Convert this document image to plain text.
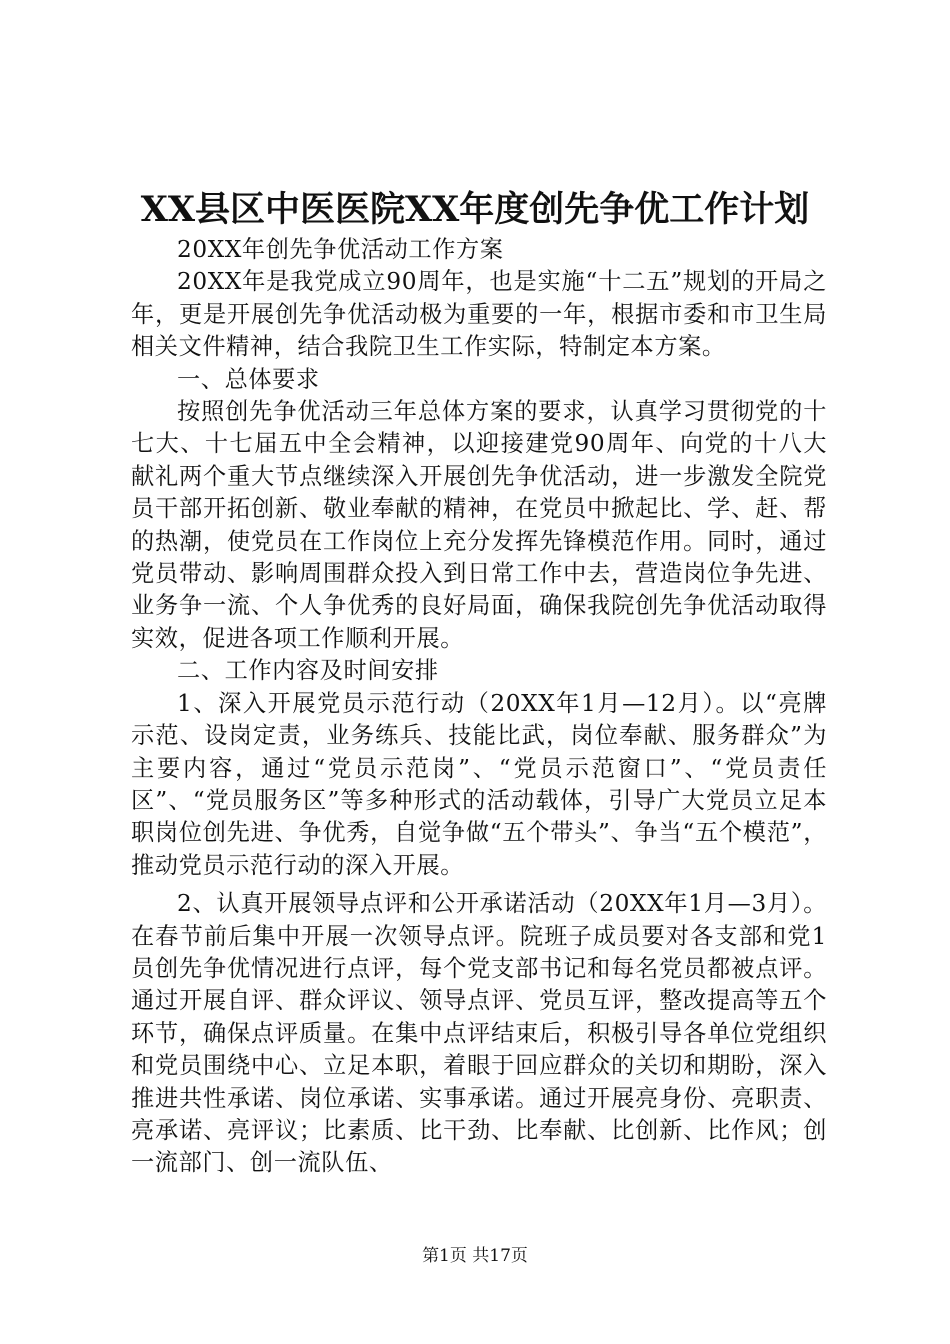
XX县区中医医院XX年度创先争优工作计划

20XX年创先争优活动工作方案

20XX年是我党成立90周年，也是实施“十二五”规划的开局之年，更是开展创先争优活动极为重要的一年，根据市委和市卫生局相关文件精神，结合我院卫生工作实际，特制定本方案。

一、总体要求

按照创先争优活动三年总体方案的要求，认真学习贯彻党的十七大、十七届五中全会精神，以迎接建党90周年、向党的十八大献礼两个重大节点继续深入开展创先争优活动，进一步激发全院党员干部开拓创新、敬业奉献的精神，在党员中掀起比、学、赶、帮的热潮，使党员在工作岗位上充分发挥先锋模范作用。同时，通过党员带动、影响周围群众投入到日常工作中去，营造岗位争先进、业务争一流、个人争优秀的良好局面，确保我院创先争优活动取得实效，促进各项工作顺利开展。

二、工作内容及时间安排

1、深入开展党员示范行动（20XX年1月—12月）。以“亮牌示范、设岗定责，业务练兵、技能比武，岗位奉献、服务群众”为主要内容，通过“党员示范岗”、“党员示范窗口”、“党员责任区”、“党员服务区”等多种形式的活动载体，引导广大党员立足本职岗位创先进、争优秀，自觉争做“五个带头”、争当“五个模范”，推动党员示范行动的深入开展。

2、认真开展领导点评和公开承诺活动（20XX年1月—3月）。在春节前后集中开展一次领导点评。院班子成员要对各支部和党1员创先争优情况进行点评，每个党支部书记和每名党员都被点评。通过开展自评、群众评议、领导点评、党员互评，整改提高等五个环节，确保点评质量。在集中点评结束后，积极引导各单位党组织和党员围绕中心、立足本职，着眼于回应群众的关切和期盼，深入推进共性承诺、岗位承诺、实事承诺。通过开展亮身份、亮职责、亮承诺、亮评议；比素质、比干劲、比奉献、比创新、比作风；创一流部门、创一流队伍、

第1页 共17页
